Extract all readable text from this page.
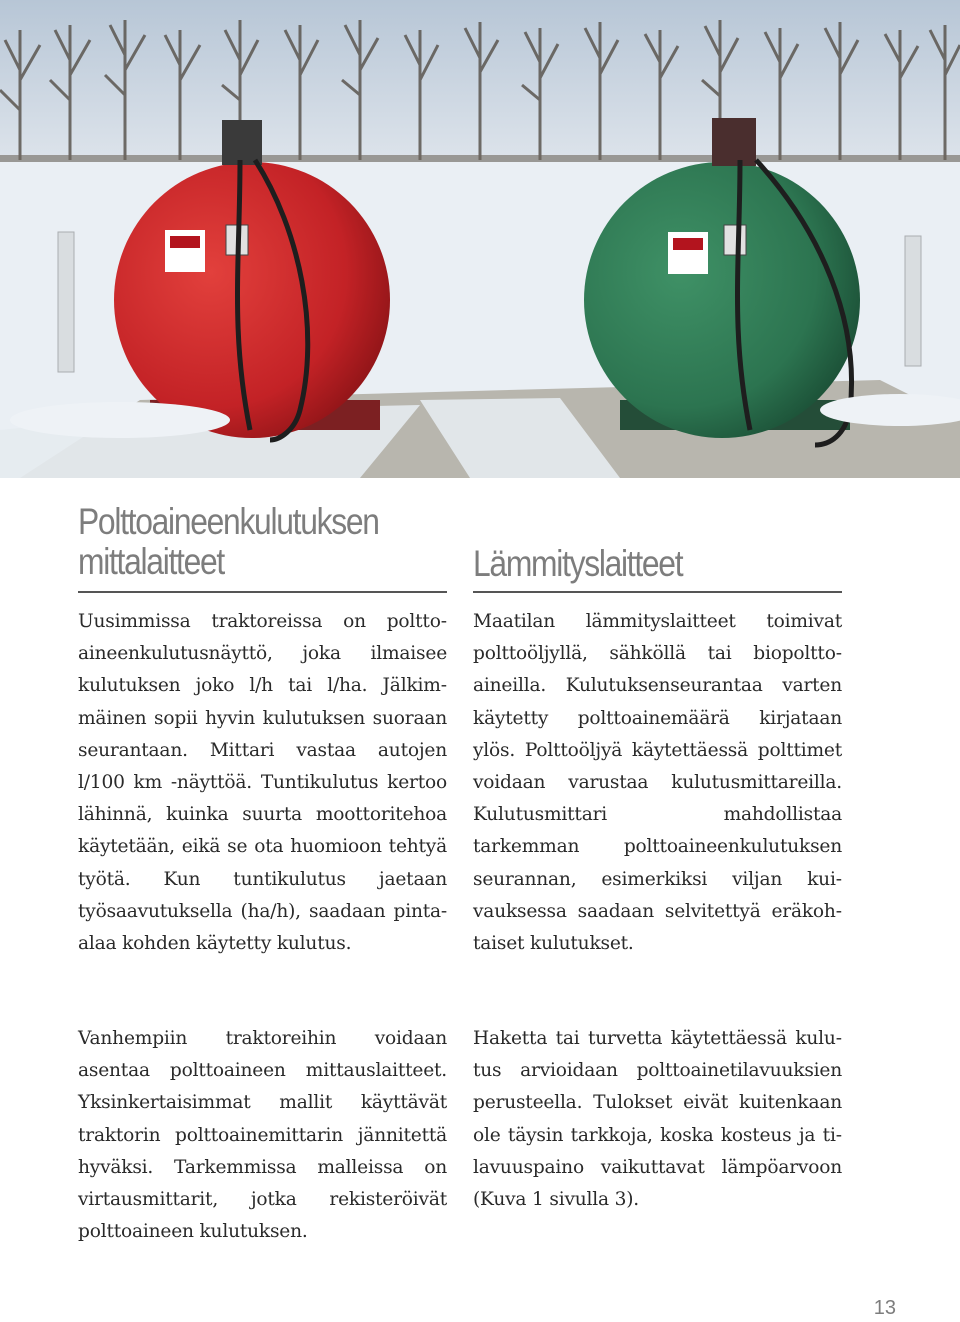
Polttoaineenkulutuksen
mittalaitteet	Lämmityslaitteet

Uusimmissa traktoreissa on polttoaineenkulutusnäyttö, joka ilmaisee kulutuksen joko l/h tai l/ha. Jälkimmäinen sopii hyvin kulutuksen suoraan seurantaan. Mittari vastaa autojen l/100 km -näyttöä. Tuntikulutus kertoo lähinnä, kuinka suurta moottoritehoa käytetään, eikä se ota huomioon tehtyä työtä. Kun tuntikulutus jaetaan työsaavutuksella (ha/h), saadaan pinta-alaa kohden käytetty kulutus.

Vanhempiin traktoreihin voidaan asentaa polttoaineen mittauslaitteet. Yksinkertaisimmat mallit käyttävät traktorin polttoainemittarin jännitettä hyväksi. Tarkemmissa malleissa on virtausmittarit, jotka rekisteröivät polttoaineen kulutuksen.

Maatilan lämmityslaitteet toimivat polttoöljyllä, sähköllä tai biopolttoaineilla. Kulutuksenseurantaa varten käytetty polttoainemäärä kirjataan ylös. Polttoöljyä käytettäessä polttimet voidaan varustaa kulutusmittareilla. Kulutusmittari mahdollistaa tarkemman polttoaineenkulutuksen seurannan, esimerkiksi viljan kuivauksessa saadaan selvitettyä eräkohtaiset kulutukset.

Haketta tai turvetta käytettäessä kulutus arvioidaan polttoainetilavuuksien perusteella. Tulokset eivät kuitenkaan ole täysin tarkkoja, koska kosteus ja tilavuuspaino vaikuttavat lämpöarvoon (Kuva 1 sivulla 3).

13
